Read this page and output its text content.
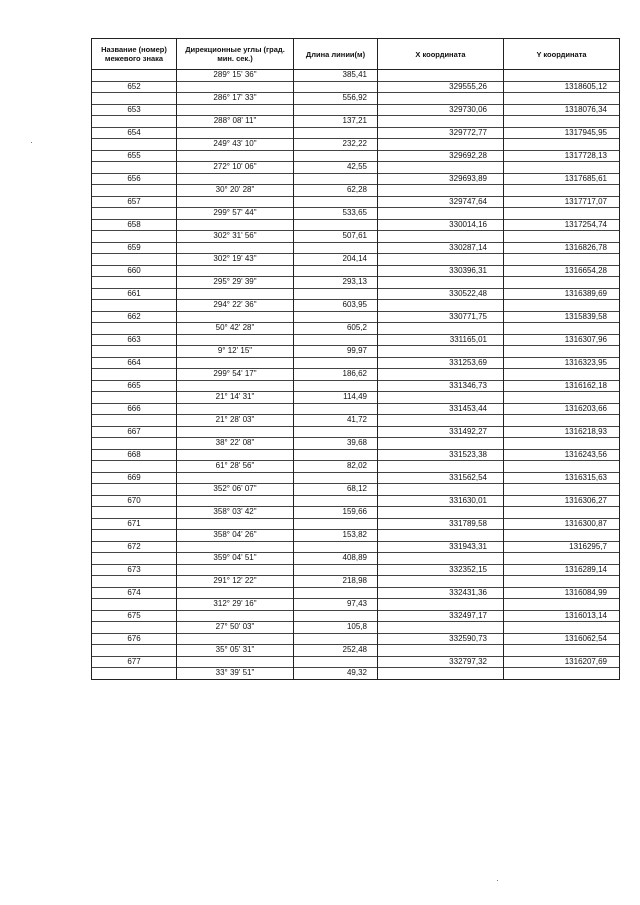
Название (номер) межевого знака	Дирекционные углы (град. мин. сек.)	Длина линии(м)	X координата	Y координата
	289° 15' 36"	385,41		
652			329555,26	1318605,12
	286° 17' 33"	556,92		
653			329730,06	1318076,34
	288° 08' 11"	137,21		
654			329772,77	1317945,95
	249° 43' 10"	232,22		
655			329692,28	1317728,13
	272° 10' 06"	42,55		
656			329693,89	1317685,61
	30° 20' 28"	62,28		
657			329747,64	1317717,07
	299° 57' 44"	533,65		
658			330014,16	1317254,74
	302° 31' 56"	507,61		
659			330287,14	1316826,78
	302° 19' 43"	204,14		
660			330396,31	1316654,28
	295° 29' 39"	293,13		
661			330522,48	1316389,69
	294° 22' 36"	603,95		
662			330771,75	1315839,58
	50° 42' 28"	605,2		
663			331165,01	1316307,96
	9° 12' 15"	99,97		
664			331253,69	1316323,95
	299° 54' 17"	186,62		
665			331346,73	1316162,18
	21° 14' 31"	114,49		
666			331453,44	1316203,66
	21° 28' 03"	41,72		
667			331492,27	1316218,93
	38° 22' 08"	39,68		
668			331523,38	1316243,56
	61° 28' 56"	82,02		
669			331562,54	1316315,63
	352° 06' 07"	68,12		
670			331630,01	1316306,27
	358° 03' 42"	159,66		
671			331789,58	1316300,87
	358° 04' 26"	153,82		
672			331943,31	1316295,7
	359° 04' 51"	408,89		
673			332352,15	1316289,14
	291° 12' 22"	218,98		
674			332431,36	1316084,99
	312° 29' 16"	97,43		
675			332497,17	1316013,14
	27° 50' 03"	105,8		
676			332590,73	1316062,54
	35° 05' 31"	252,48		
677			332797,32	1316207,69
	33° 39' 51"	49,32		
